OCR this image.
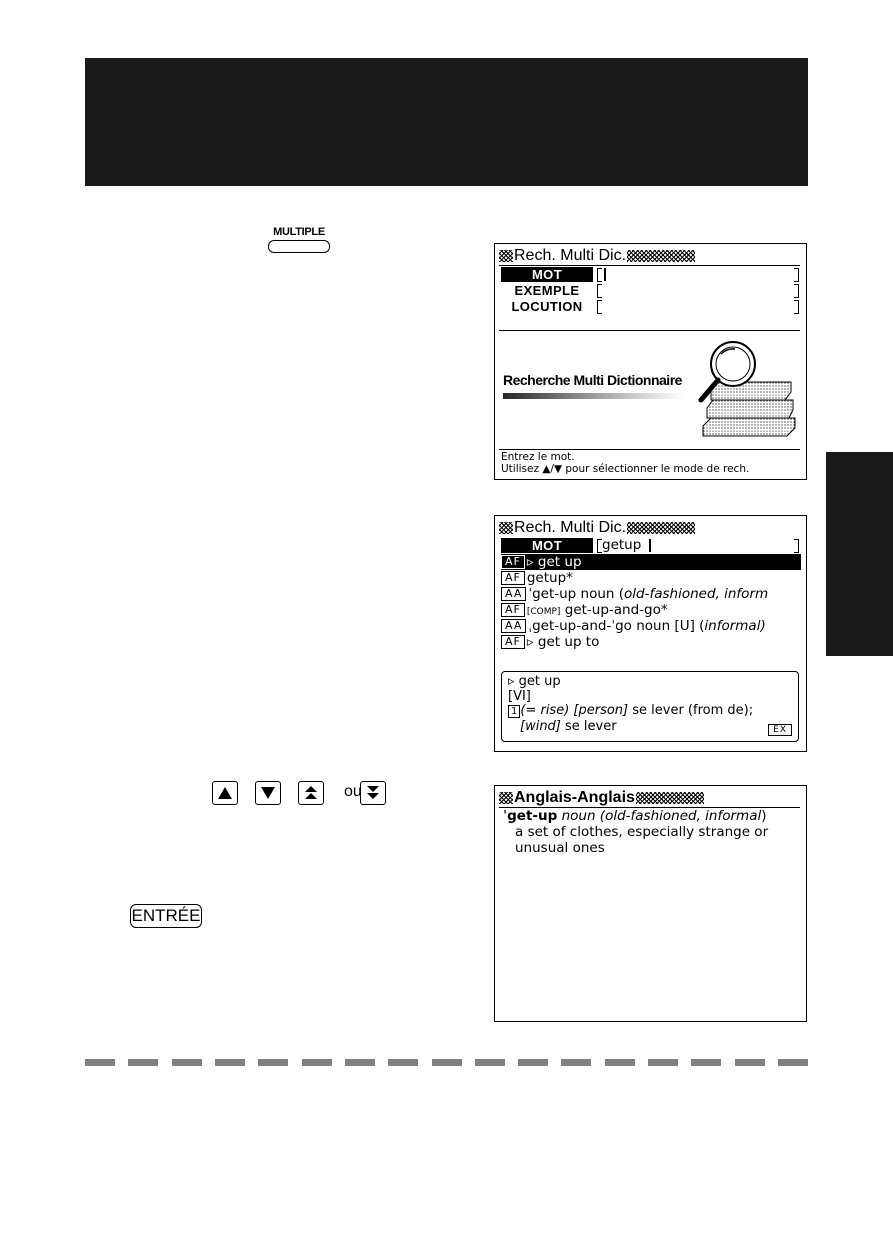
MULTIPLE
ou
ENTRÉE
Rech. Multi Dic.
MOT
EXEMPLE
LOCUTION
Recherche Multi Dictionnaire
Entrez le mot.
Utilisez ▲/▼ pour sélectionner le mode de rech.
Rech. Multi Dic.
MOT	getup
AF ▹ get up
AF getup*
AA ˈget-up noun (old-fashioned, inform
AF [COMP] get-up-and-go*
AA ˌget-up-and-ˈgo noun [U] (informal)
AF ▹ get up to
▹ get up
[VI]
1 (= rise) [person] se lever (from de);
[wind] se lever	EX
Anglais-Anglais
ˈget-up noun (old-fashioned, informal)
a set of clothes, especially strange or
unusual ones
